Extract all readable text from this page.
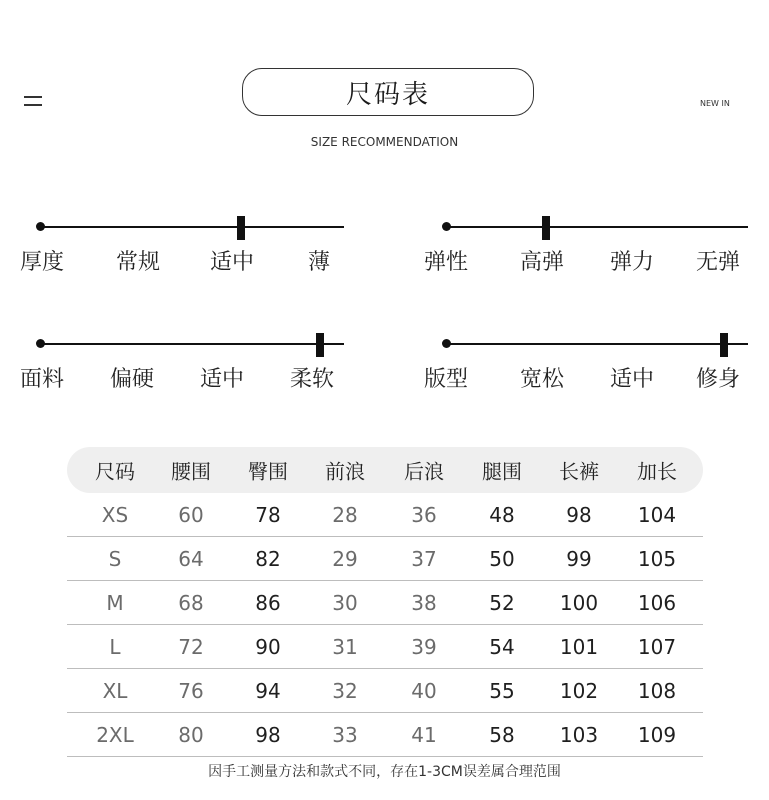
尺码表	NEW IN
SIZE RECOMMENDATION
厚度 常规 适中 薄	弹性 高弹 弹力 无弹
面料 偏硬 适中 柔软	版型 宽松 适中 修身
尺码 腰围 臀围 前浪 后浪 腿围 长裤 加长
XS	60	78	28	36	48	98 104
S	64	82	29	37	50	99 105
M	68	86	30	38	52 100 106
L	72	90	31	39	54 101 107
XL	76	94	32	40	55 102 108
2XL 80	98	33	41	58 103 109
因手工测量方法和款式不同，存在1-3CM误差属合理范围
